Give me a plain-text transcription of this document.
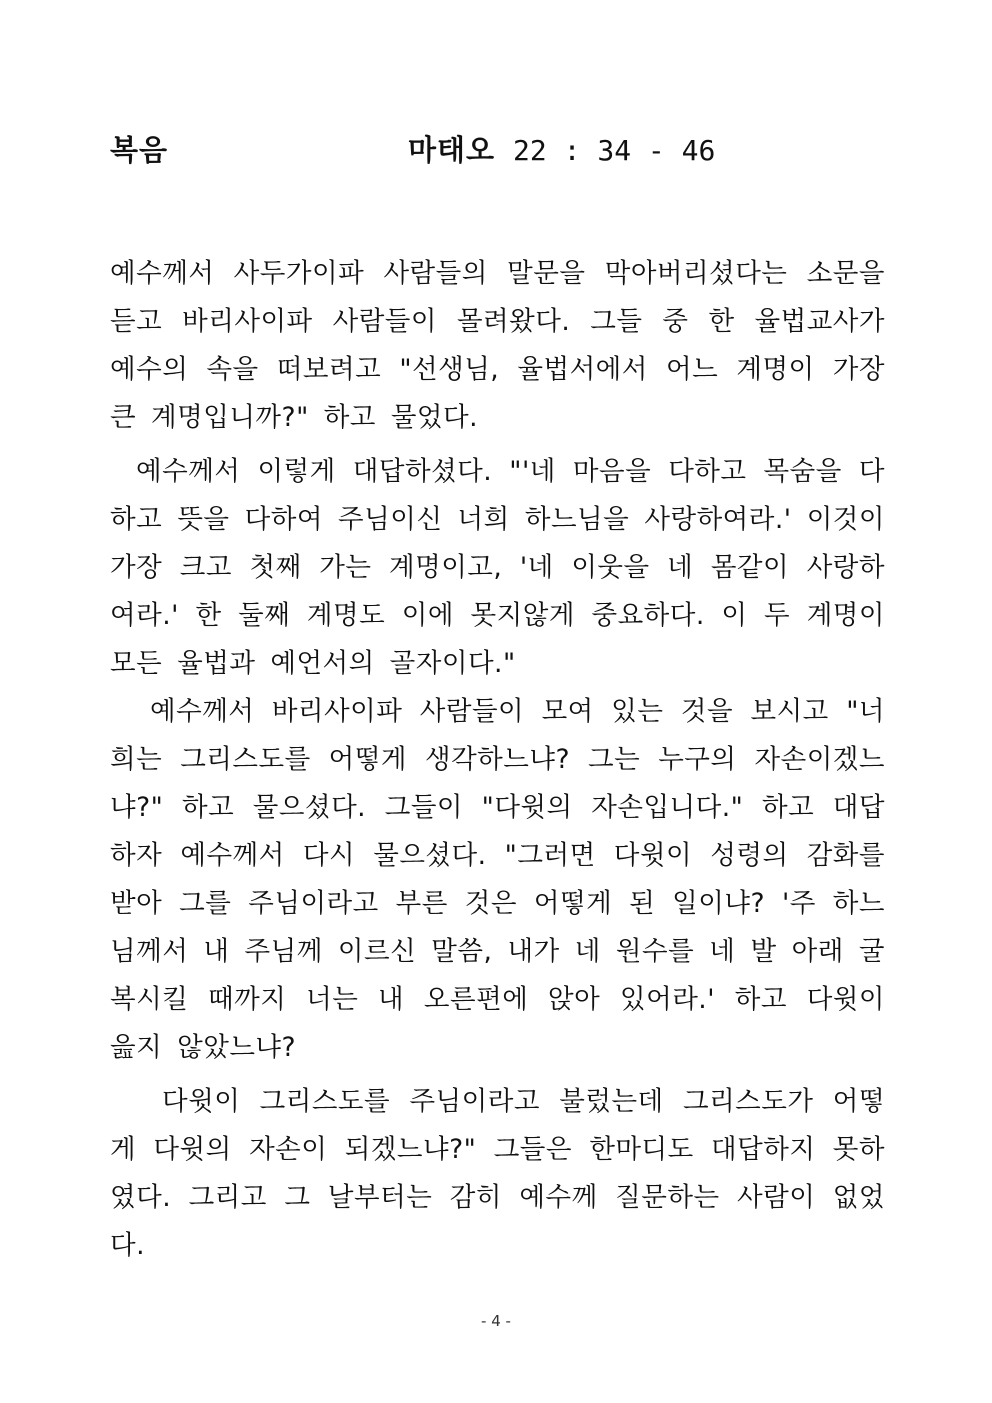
복음	마태오 22 : 34 - 46

예수께서 사두가이파 사람들의 말문을 막아버리셨다는 소문을 듣고 바리사이파 사람들이 몰려왔다. 그들 중 한 율법교사가 예수의 속을 떠보려고 "선생님, 율법서에서 어느 계명이 가장 큰 계명입니까?" 하고 물었다.

예수께서 이렇게 대답하셨다. "'네 마음을 다하고 목숨을 다하고 뜻을 다하여 주님이신 너희 하느님을 사랑하여라.' 이것이 가장 크고 첫째 가는 계명이고, '네 이웃을 네 몸같이 사랑하여라.' 한 둘째 계명도 이에 못지않게 중요하다. 이 두 계명이 모든 율법과 예언서의 골자이다."

예수께서 바리사이파 사람들이 모여 있는 것을 보시고 "너희는 그리스도를 어떻게 생각하느냐? 그는 누구의 자손이겠느냐?" 하고 물으셨다. 그들이 "다윗의 자손입니다." 하고 대답하자 예수께서 다시 물으셨다. "그러면 다윗이 성령의 감화를 받아 그를 주님이라고 부른 것은 어떻게 된 일이냐? '주 하느님께서 내 주님께 이르신 말씀, 내가 네 원수를 네 발 아래 굴복시킬 때까지 너는 내 오른편에 앉아 있어라.' 하고 다윗이 읊지 않았느냐?

다윗이 그리스도를 주님이라고 불렀는데 그리스도가 어떻게 다윗의 자손이 되겠느냐?" 그들은 한마디도 대답하지 못하였다. 그리고 그 날부터는 감히 예수께 질문하는 사람이 없었다.

- 4 -
